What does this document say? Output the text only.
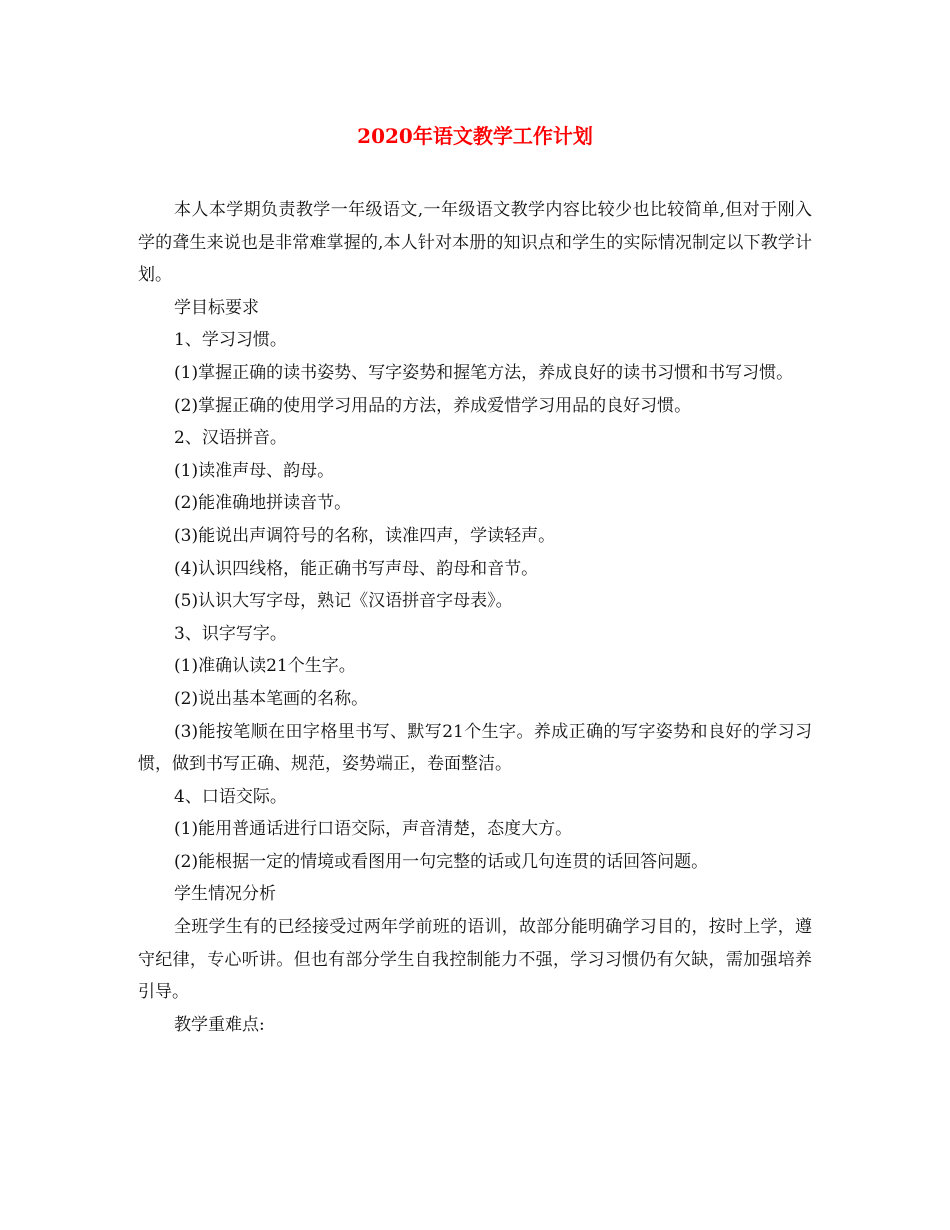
2020年语文教学工作计划

本人本学期负责教学一年级语文,一年级语文教学内容比较少也比较简单,但对于刚入学的聋生来说也是非常难掌握的,本人针对本册的知识点和学生的实际情况制定以下教学计划。

学目标要求

1、学习习惯。

(1)掌握正确的读书姿势、写字姿势和握笔方法，养成良好的读书习惯和书写习惯。

(2)掌握正确的使用学习用品的方法，养成爱惜学习用品的良好习惯。

2、汉语拼音。

(1)读准声母、韵母。

(2)能准确地拼读音节。

(3)能说出声调符号的名称，读准四声，学读轻声。

(4)认识四线格，能正确书写声母、韵母和音节。

(5)认识大写字母，熟记《汉语拼音字母表》。

3、识字写字。

(1)准确认读21个生字。

(2)说出基本笔画的名称。

(3)能按笔顺在田字格里书写、默写21个生字。养成正确的写字姿势和良好的学习习惯，做到书写正确、规范，姿势端正，卷面整洁。

4、口语交际。

(1)能用普通话进行口语交际，声音清楚，态度大方。

(2)能根据一定的情境或看图用一句完整的话或几句连贯的话回答问题。

学生情况分析

全班学生有的已经接受过两年学前班的语训，故部分能明确学习目的，按时上学，遵守纪律，专心听讲。但也有部分学生自我控制能力不强，学习习惯仍有欠缺，需加强培养引导。

教学重难点:
